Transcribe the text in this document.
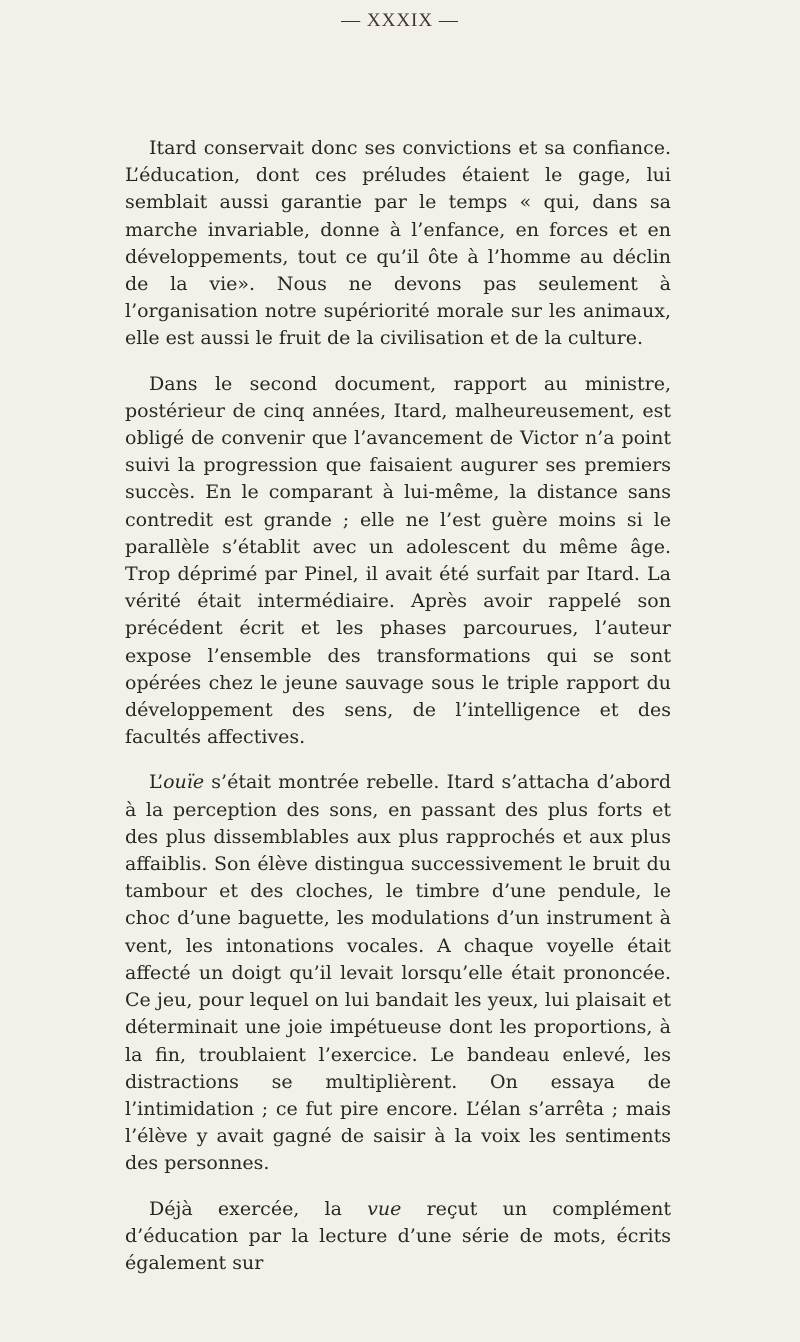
— XXXIX —

Itard conservait donc ses convictions et sa confiance. L’éducation, dont ces préludes étaient le gage, lui semblait aussi garantie par le temps « qui, dans sa marche invariable, donne à l’enfance, en forces et en développements, tout ce qu’il ôte à l’homme au déclin de la vie». Nous ne devons pas seulement à l’organisation notre supériorité morale sur les animaux, elle est aussi le fruit de la civilisation et de la culture.

Dans le second document, rapport au ministre, postérieur de cinq années, Itard, malheureusement, est obligé de convenir que l’avancement de Victor n’a point suivi la progression que faisaient augurer ses premiers succès. En le comparant à lui-même, la distance sans contredit est grande ; elle ne l’est guère moins si le parallèle s’établit avec un adolescent du même âge. Trop déprimé par Pinel, il avait été surfait par Itard. La vérité était intermédiaire. Après avoir rappelé son précédent écrit et les phases parcourues, l’auteur expose l’ensemble des transformations qui se sont opérées chez le jeune sauvage sous le triple rapport du développement des sens, de l’intelligence et des facultés affectives.

L’ouïe s’était montrée rebelle. Itard s’attacha d’abord à la perception des sons, en passant des plus forts et des plus dissemblables aux plus rapprochés et aux plus affaiblis. Son élève distingua successivement le bruit du tambour et des cloches, le timbre d’une pendule, le choc d’une baguette, les modulations d’un instrument à vent, les intonations vocales. A chaque voyelle était affecté un doigt qu’il levait lorsqu’elle était prononcée. Ce jeu, pour lequel on lui bandait les yeux, lui plaisait et déterminait une joie impétueuse dont les proportions, à la fin, troublaient l’exercice. Le bandeau enlevé, les distractions se multiplièrent. On essaya de l’intimidation ; ce fut pire encore. L’élan s’arrêta ; mais l’élève y avait gagné de saisir à la voix les sentiments des personnes.

Déjà exercée, la vue reçut un complément d’éducation par la lecture d’une série de mots, écrits également sur
